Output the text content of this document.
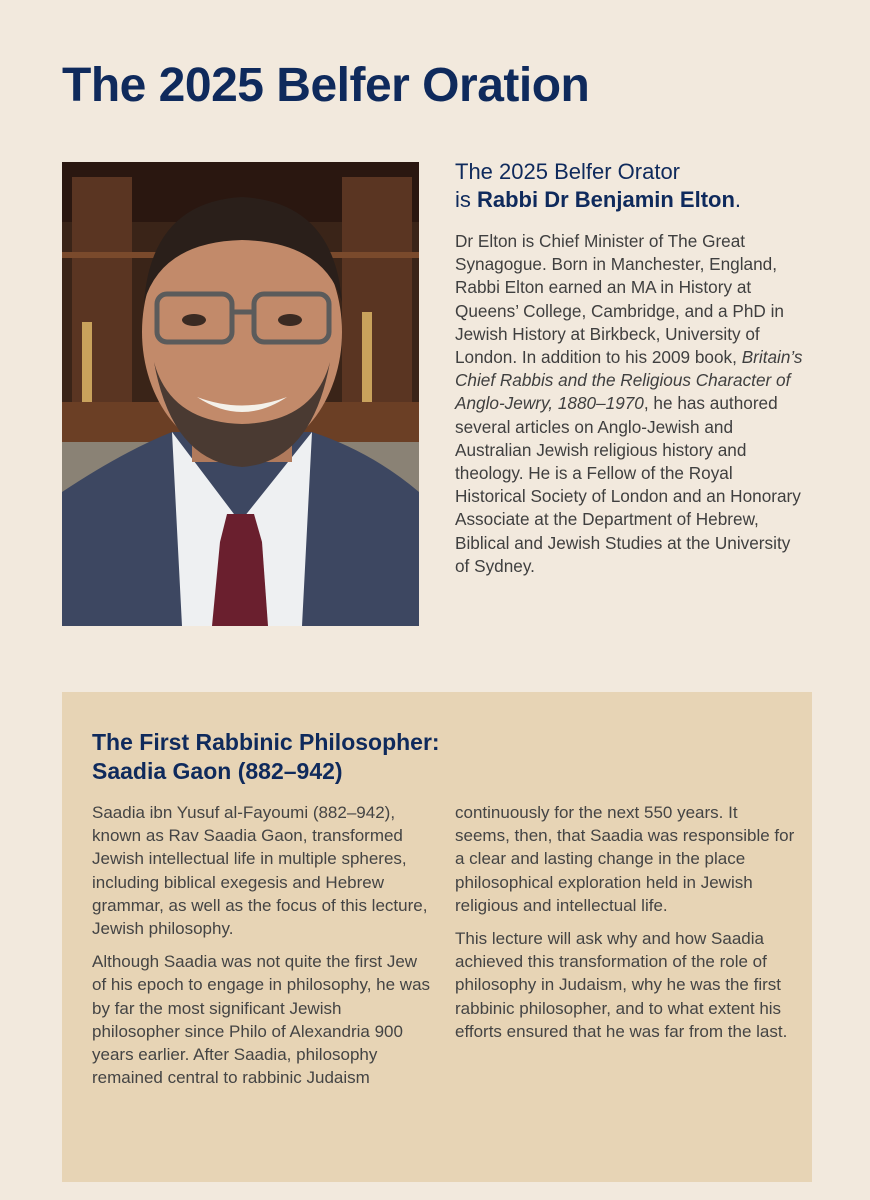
The 2025 Belfer Oration
The 2025 Belfer Orator
is Rabbi Dr Benjamin Elton.

Dr Elton is Chief Minister of The Great Synagogue. Born in Manchester, England, Rabbi Elton earned an MA in History at Queens’ College, Cambridge, and a PhD in Jewish History at Birkbeck, University of London. In addition to his 2009 book, Britain’s Chief Rabbis and the Religious Character of Anglo-Jewry, 1880–1970, he has authored several articles on Anglo-Jewish and Australian Jewish religious history and theology. He is a Fellow of the Royal Historical Society of London and an Honorary Associate at the Department of Hebrew, Biblical and Jewish Studies at the University of Sydney.

The First Rabbinic Philosopher:
Saadia Gaon (882–942)

Saadia ibn Yusuf al-Fayoumi (882–942), known as Rav Saadia Gaon, transformed Jewish intellectual life in multiple spheres, including biblical exegesis and Hebrew grammar, as well as the focus of this lecture, Jewish philosophy.

Although Saadia was not quite the first Jew of his epoch to engage in philosophy, he was by far the most significant Jewish philosopher since Philo of Alexandria 900 years earlier. After Saadia, philosophy remained central to rabbinic Judaism

continuously for the next 550 years. It seems, then, that Saadia was responsible for a clear and lasting change in the place philosophical exploration held in Jewish religious and intellectual life.

This lecture will ask why and how Saadia achieved this transformation of the role of philosophy in Judaism, why he was the first rabbinic philosopher, and to what extent his efforts ensured that he was far from the last.
